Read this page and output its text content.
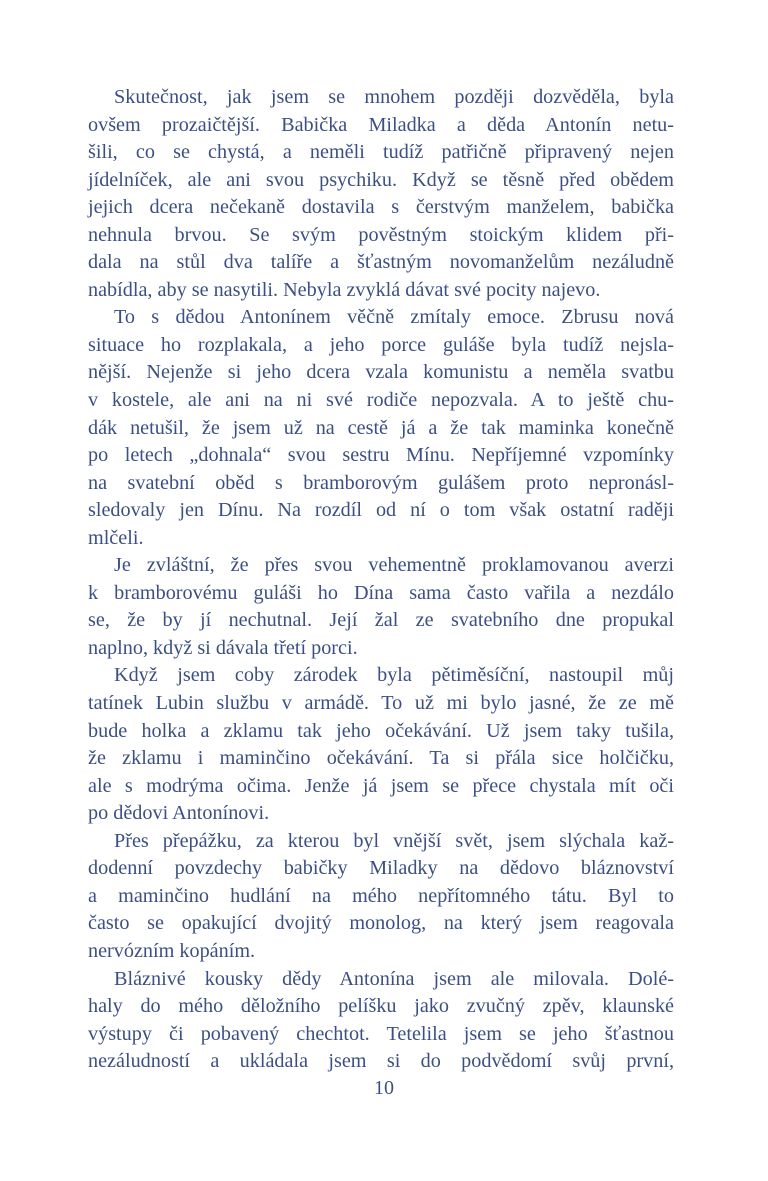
Skutečnost, jak jsem se mnohem později dozvěděla, byla
ovšem prozaičtější. Babička Miladka a děda Antonín netu-
šili, co se chystá, a neměli tudíž patřičně připravený nejen
jídelníček, ale ani svou psychiku. Když se těsně před obědem
jejich dcera nečekaně dostavila s čerstvým manželem, babička
nehnula brvou. Se svým pověstným stoickým klidem při-
dala na stůl dva talíře a šťastným novomanželům nezáludně
nabídla, aby se nasytili. Nebyla zvyklá dávat své pocity najevo.
To s dědou Antonínem věčně zmítaly emoce. Zbrusu nová
situace ho rozplakala, a jeho porce guláše byla tudíž nejsla-
nější. Nejenže si jeho dcera vzala komunistu a neměla svatbu
v kostele, ale ani na ni své rodiče nepozvala. A to ještě chu-
dák netušil, že jsem už na cestě já a že tak maminka konečně
po letech „dohnala“ svou sestru Mínu. Nepříjemné vzpomínky
na svatební oběd s bramborovým gulášem proto nepronásl-
sledovaly jen Dínu. Na rozdíl od ní o tom však ostatní raději
mlčeli.
Je zvláštní, že přes svou vehementně proklamovanou averzi
k bramborovému guláši ho Dína sama často vařila a nezdálo
se, že by jí nechutnal. Její žal ze svatebního dne propukal
naplno, když si dávala třetí porci.
Když jsem coby zárodek byla pětiměsíční, nastoupil můj
tatínek Lubin službu v armádě. To už mi bylo jasné, že ze mě
bude holka a zklamu tak jeho očekávání. Už jsem taky tušila,
že zklamu i maminčino očekávání. Ta si přála sice holčičku,
ale s modrýma očima. Jenže já jsem se přece chystala mít oči
po dědovi Antonínovi.
Přes přepážku, za kterou byl vnější svět, jsem slýchala kaž-
dodenní povzdechy babičky Miladky na dědovo bláznovství
a maminčino hudlání na mého nepřítomného tátu. Byl to
často se opakující dvojitý monolog, na který jsem reagovala
nervózním kopáním.
Bláznivé kousky dědy Antonína jsem ale milovala. Dolé-
haly do mého děložního pelíšku jako zvučný zpěv, klaunské
výstupy či pobavený chechtot. Tetelila jsem se jeho šťastnou
nezáludností a ukládala jsem si do podvědomí svůj první,
10
